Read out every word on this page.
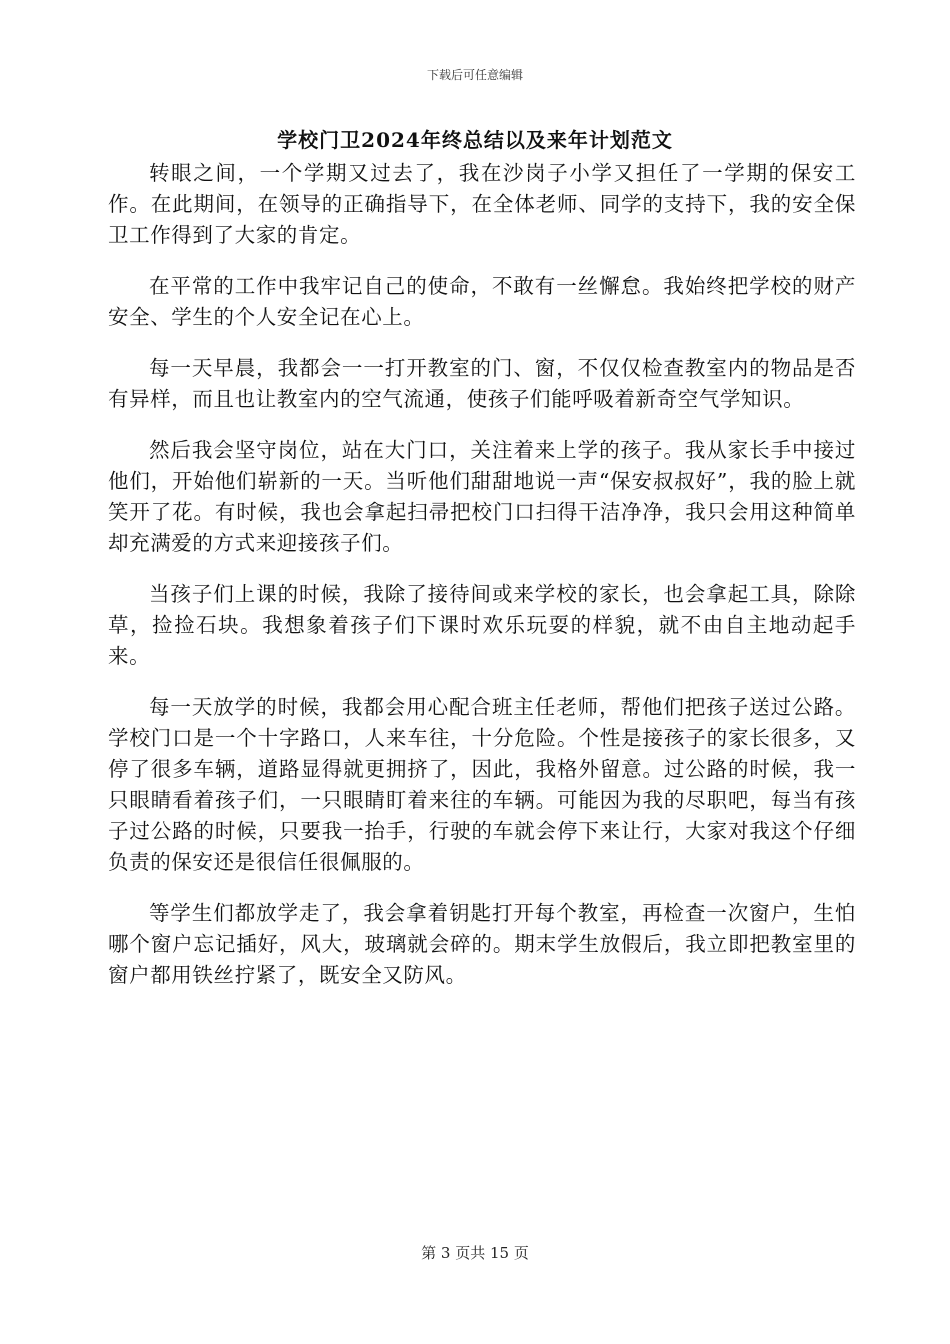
下载后可任意编辑
学校门卫2024年终总结以及来年计划范文

转眼之间，一个学期又过去了，我在沙岗子小学又担任了一学期的保安工作。在此期间，在领导的正确指导下，在全体老师、同学的支持下，我的安全保卫工作得到了大家的肯定。

在平常的工作中我牢记自己的使命，不敢有一丝懈怠。我始终把学校的财产安全、学生的个人安全记在心上。

每一天早晨，我都会一一打开教室的门、窗，不仅仅检查教室内的物品是否有异样，而且也让教室内的空气流通，使孩子们能呼吸着新奇空气学知识。

然后我会坚守岗位，站在大门口，关注着来上学的孩子。我从家长手中接过他们，开始他们崭新的一天。当听他们甜甜地说一声“保安叔叔好”，我的脸上就笑开了花。有时候，我也会拿起扫帚把校门口扫得干洁净净，我只会用这种简单却充满爱的方式来迎接孩子们。

当孩子们上课的时候，我除了接待间或来学校的家长，也会拿起工具，除除草，捡捡石块。我想象着孩子们下课时欢乐玩耍的样貌，就不由自主地动起手来。

每一天放学的时候，我都会用心配合班主任老师，帮他们把孩子送过公路。学校门口是一个十字路口，人来车往，十分危险。个性是接孩子的家长很多，又停了很多车辆，道路显得就更拥挤了，因此，我格外留意。过公路的时候，我一只眼睛看着孩子们，一只眼睛盯着来往的车辆。可能因为我的尽职吧，每当有孩子过公路的时候，只要我一抬手，行驶的车就会停下来让行，大家对我这个仔细负责的保安还是很信任很佩服的。

等学生们都放学走了，我会拿着钥匙打开每个教室，再检查一次窗户，生怕哪个窗户忘记插好，风大，玻璃就会碎的。期末学生放假后，我立即把教室里的窗户都用铁丝拧紧了，既安全又防风。

第 3 页共 15 页
